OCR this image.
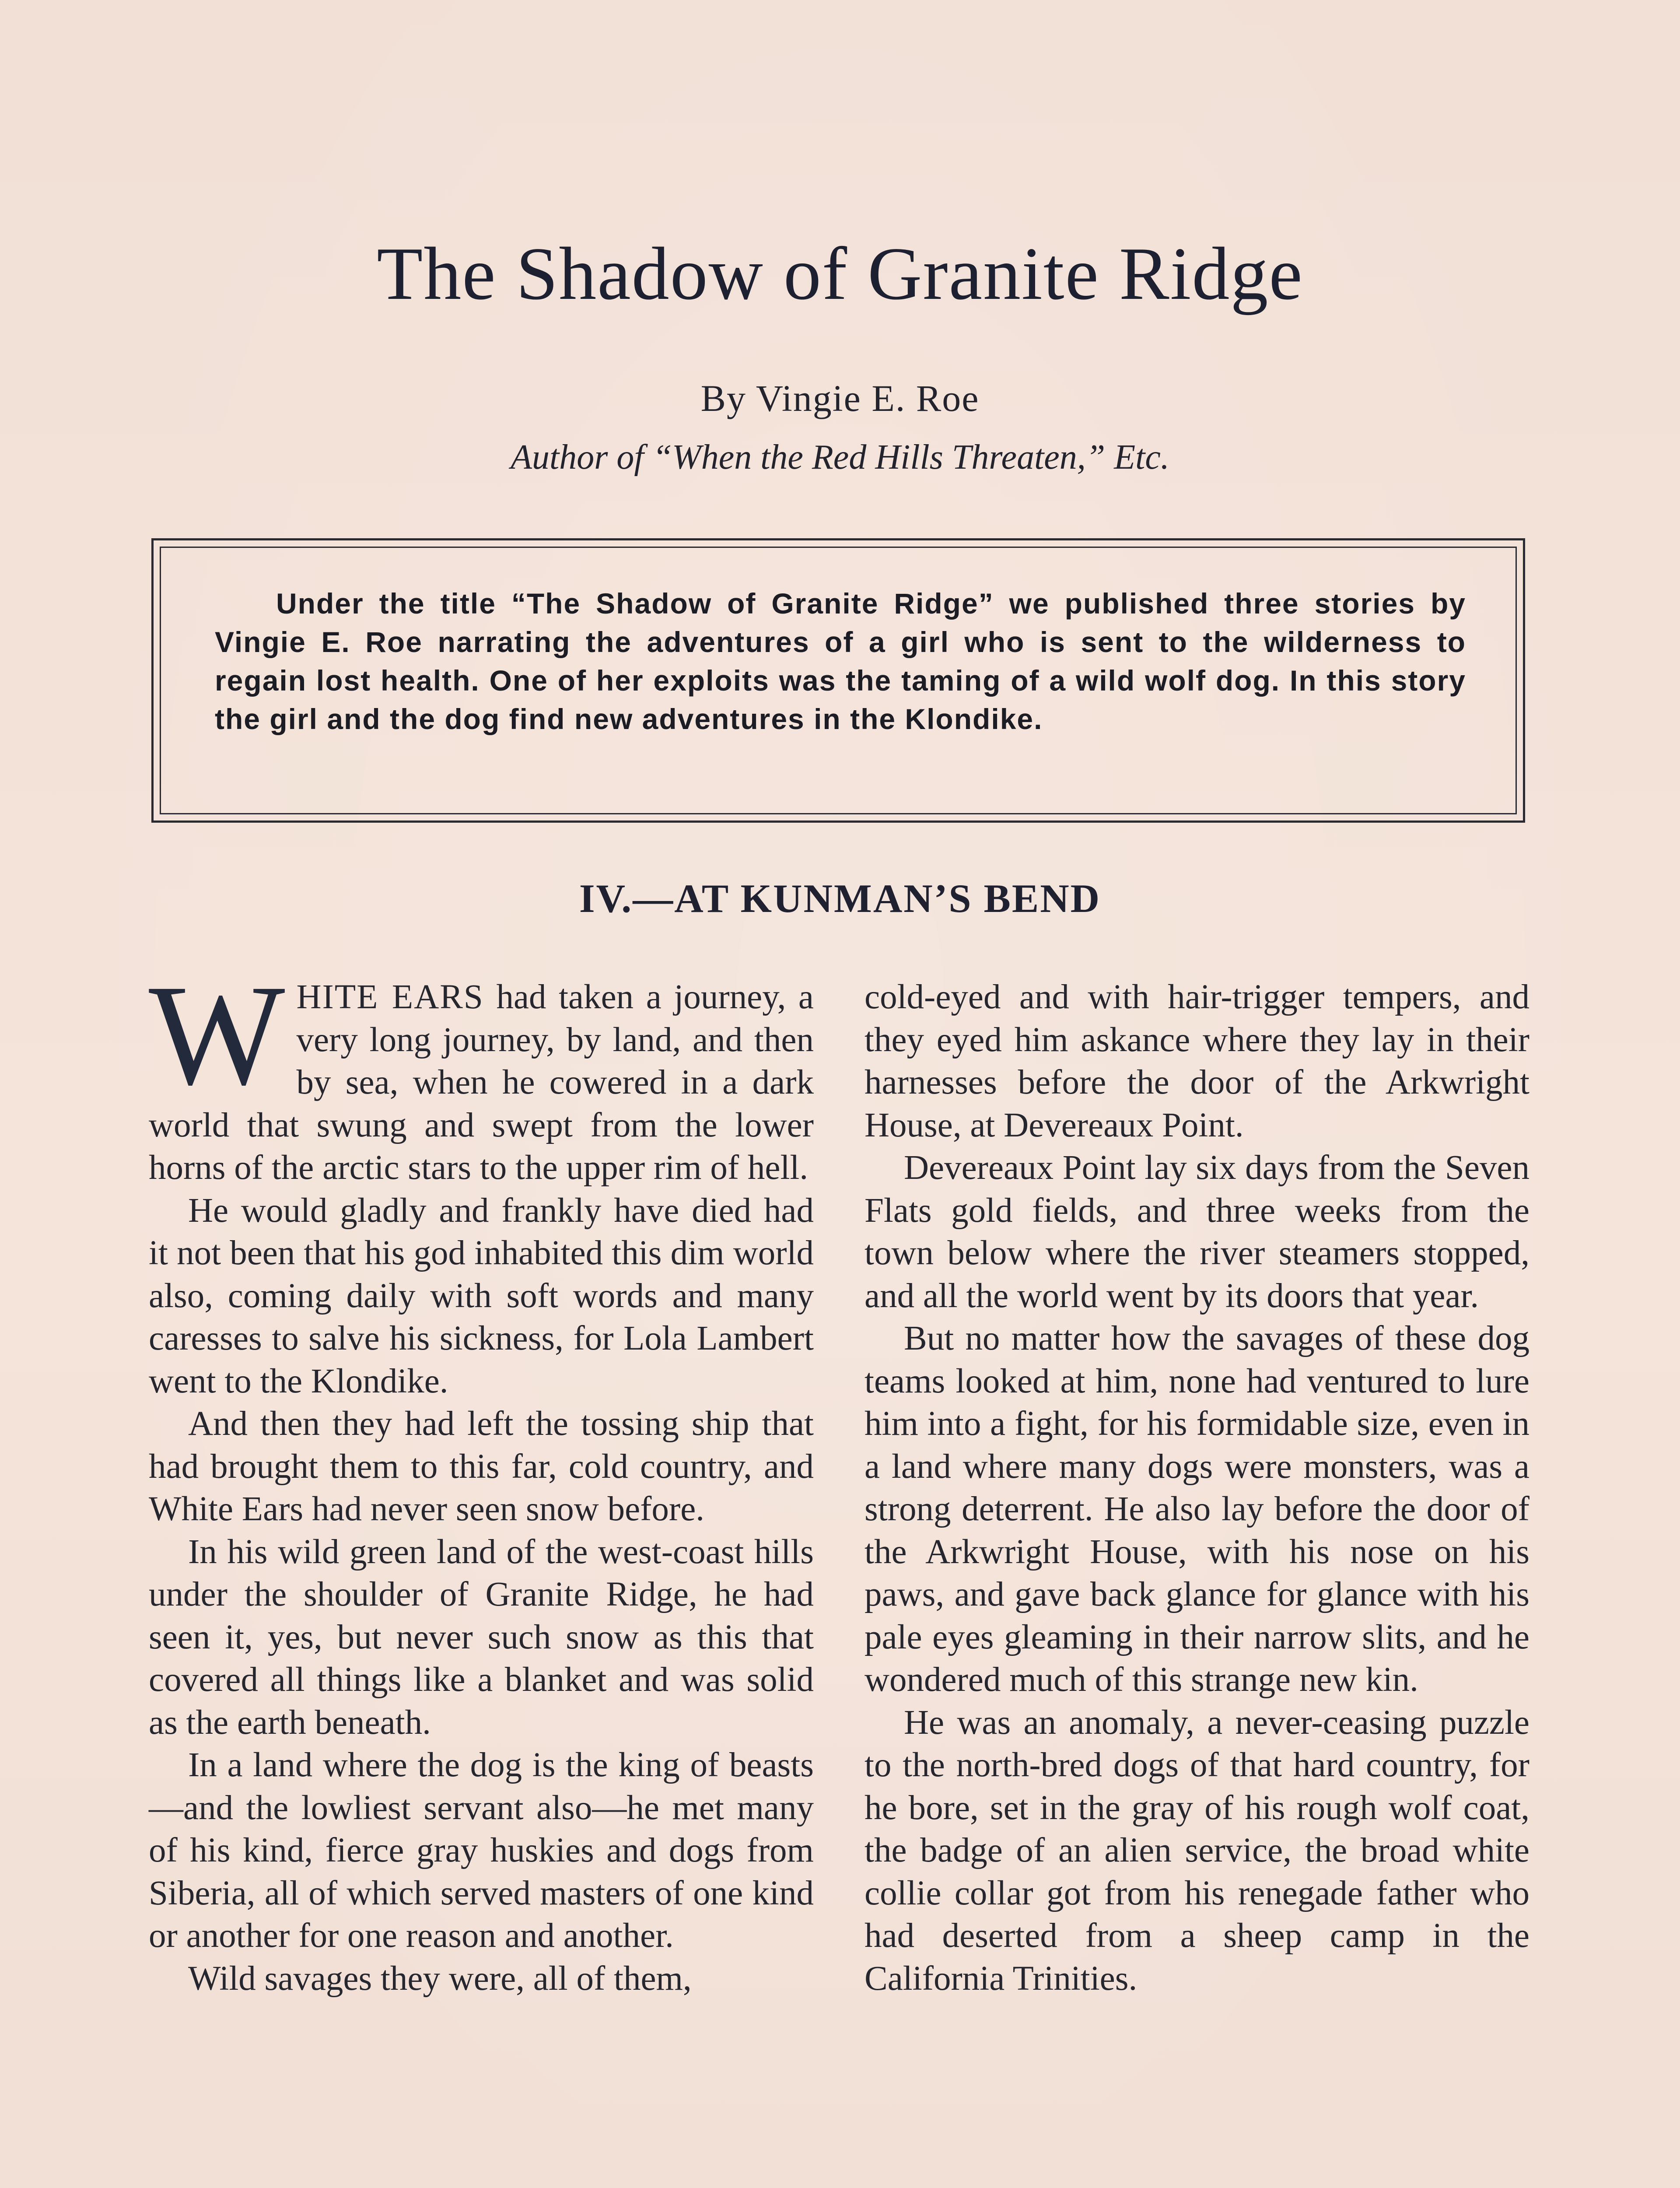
The Shadow of Granite Ridge
By Vingie E. Roe
Author of “When the Red Hills Threaten,” Etc.
Under the title “The Shadow of Granite Ridge” we published three stories by Vingie E. Roe narrating the adventures of a girl who is sent to the wilderness to regain lost health. One of her exploits was the taming of a wild wolf dog. In this story the girl and the dog find new adventures in the Klondike.
IV.—AT KUNMAN’S BEND

WHITE EARS had taken a journey, a very long journey, by land, and then by sea, when he cowered in a dark world that swung and swept from the lower horns of the arctic stars to the upper rim of hell.

He would gladly and frankly have died had it not been that his god inhabited this dim world also, coming daily with soft words and many caresses to salve his sickness, for Lola Lambert went to the Klondike.

And then they had left the tossing ship that had brought them to this far, cold country, and White Ears had never seen snow before.

In his wild green land of the west-coast hills under the shoulder of Granite Ridge, he had seen it, yes, but never such snow as this that covered all things like a blanket and was solid as the earth beneath.

In a land where the dog is the king of beasts—and the lowliest servant also—he met many of his kind, fierce gray huskies and dogs from Siberia, all of which served masters of one kind or another for one reason and another.

Wild savages they were, all of them,

cold-eyed and with hair-trigger tempers, and they eyed him askance where they lay in their harnesses before the door of the Arkwright House, at Devereaux Point.

Devereaux Point lay six days from the Seven Flats gold fields, and three weeks from the town below where the river steamers stopped, and all the world went by its doors that year.

But no matter how the savages of these dog teams looked at him, none had ventured to lure him into a fight, for his formidable size, even in a land where many dogs were monsters, was a strong deterrent. He also lay before the door of the Arkwright House, with his nose on his paws, and gave back glance for glance with his pale eyes gleaming in their narrow slits, and he wondered much of this strange new kin.

He was an anomaly, a never-ceasing puzzle to the north-bred dogs of that hard country, for he bore, set in the gray of his rough wolf coat, the badge of an alien service, the broad white collie collar got from his renegade father who had deserted from a sheep camp in the California Trinities.
